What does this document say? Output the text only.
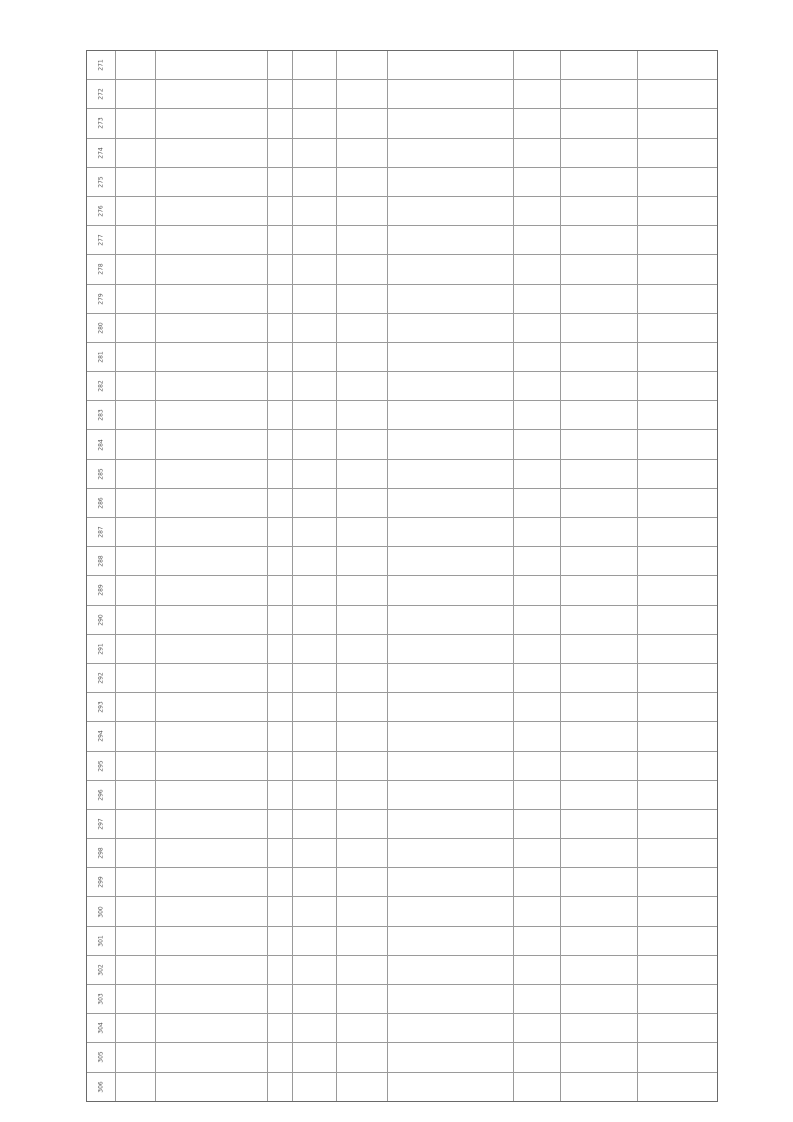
271
272
273
274
275
276
277
278
279
280
281
282
283
284
285
286
287
288
289
290
291
292
293
294
295
296
297
298
299
300
301
302
303
304
305
306
